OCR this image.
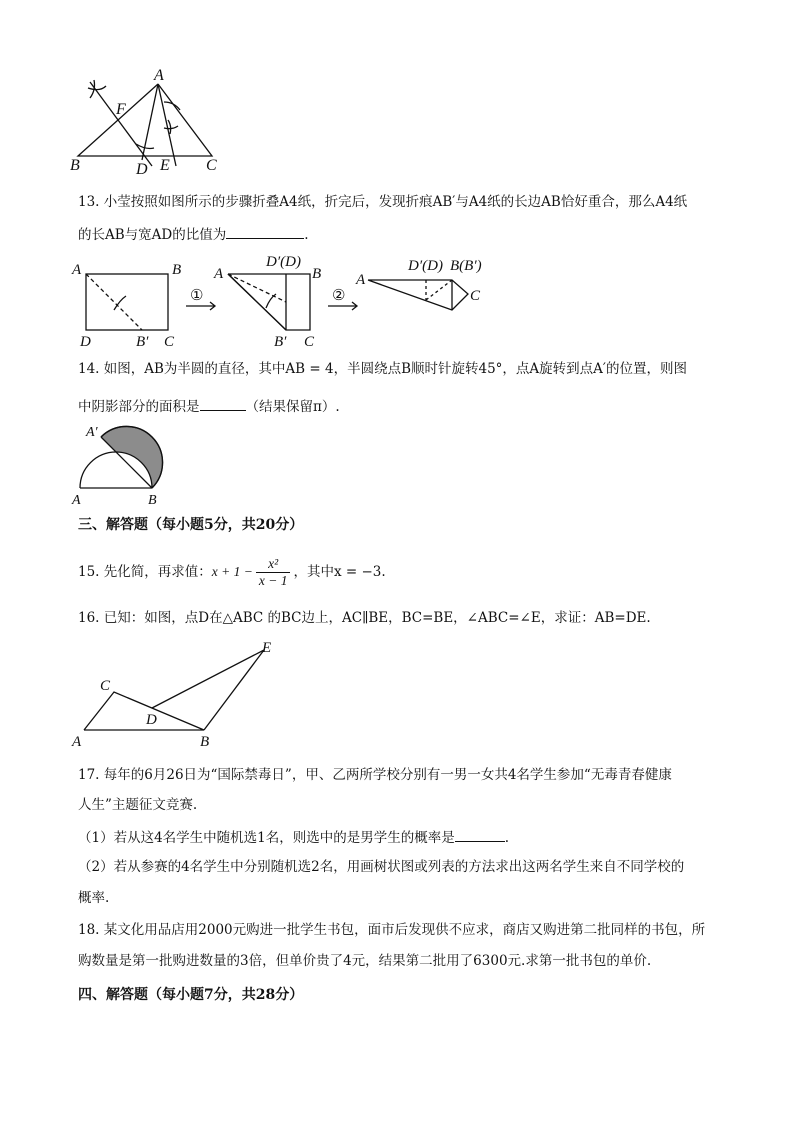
A
F
B	D E C
13. 小莹按照如图所示的步骤折叠A4纸，折完后，发现折痕AB′与A4纸的长边AB恰好重合，那么A4纸
的长AB与宽AD的比值为	.
A	B
D	B′ C
①
A
D′(D)
B
B′ C
②
A
D′(D) B(B′)
C
14. 如图，AB为半圆的直径，其中AB = 4，半圆绕点B顺时针旋转45°，点A旋转到点A′的位置，则图
中阴影部分的面积是	（结果保留π）.
A′
A	B
三、解答题（每小题5分，共20分）
15. 先化简，再求值：$x + 1 - \frac{\text{x²}}{x - 1}$ ，其中x = −3.
16. 已知：如图，点D在△ABC 的BC边上，AC∥BE，BC=BE，∠ABC=∠E，求证：AB=DE.
A	B
C
D
E
17. 每年的6月26日为“国际禁毒日”，甲、乙两所学校分别有一男一女共4名学生参加“无毒青春健康
人生”主题征文竞赛.
（1）若从这4名学生中随机选1名，则选中的是男学生的概率是	.
（2）若从参赛的4名学生中分别随机选2名，用画树状图或列表的方法求出这两名学生来自不同学校的
概率.
18. 某文化用品店用2000元购进一批学生书包，面市后发现供不应求，商店又购进第二批同样的书包，所
购数量是第一批购进数量的3倍，但单价贵了4元，结果第二批用了6300元.求第一批书包的单价.
四、解答题（每小题7分，共28分）
